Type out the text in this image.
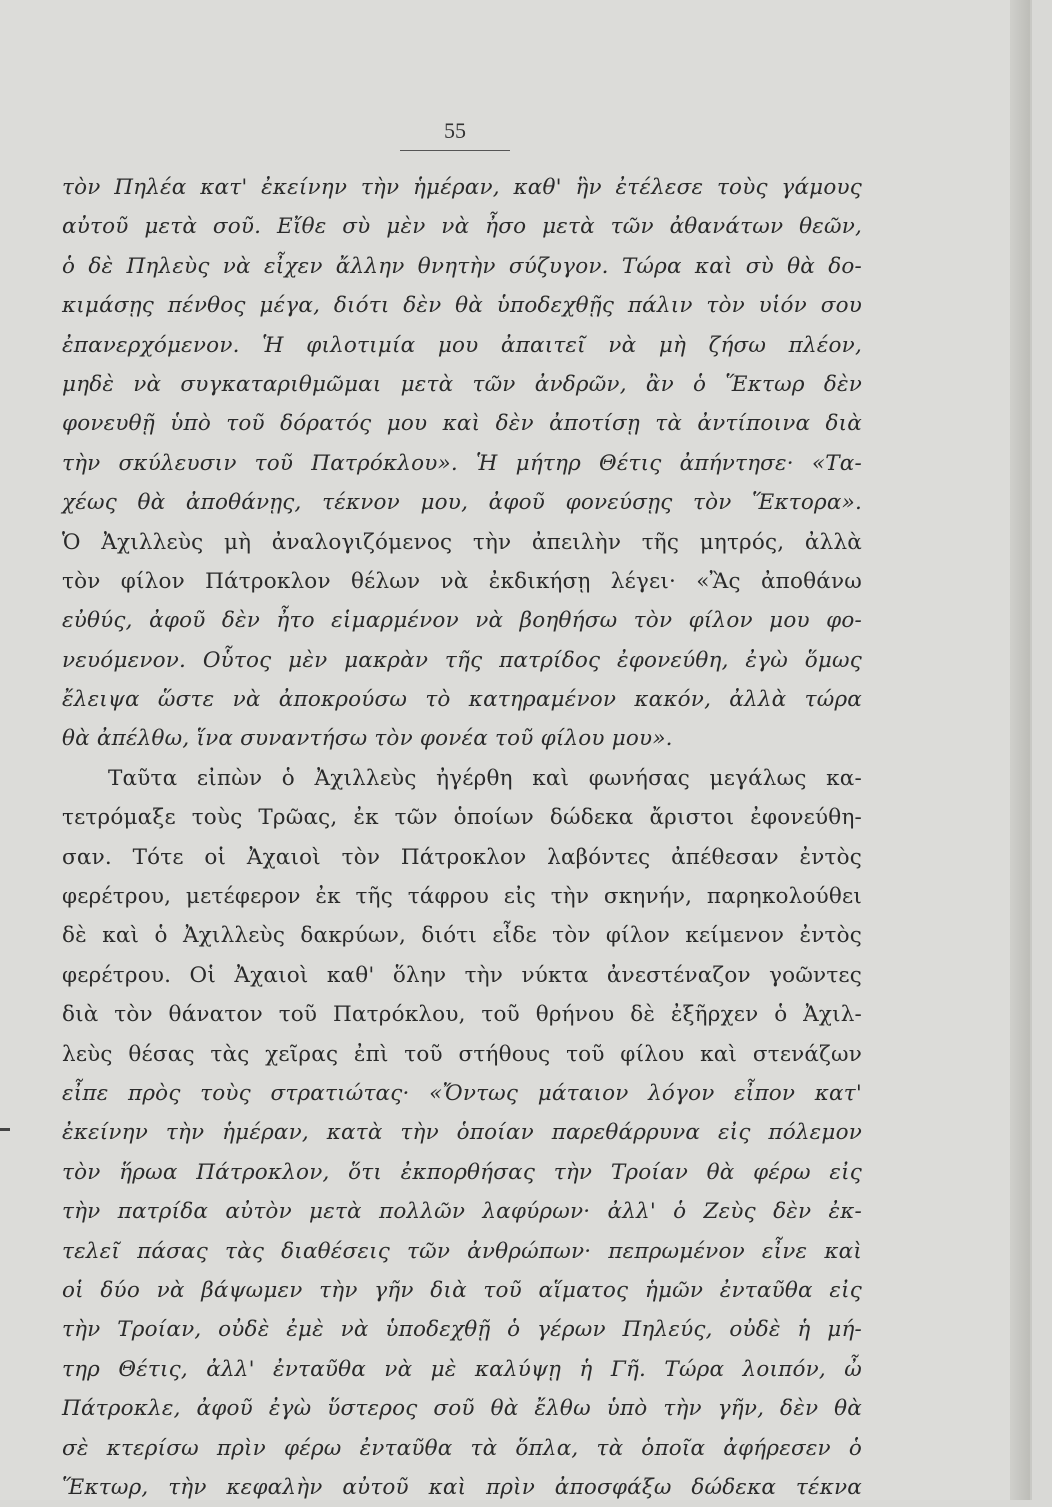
55
τὸν Πηλέα κατ' ἐκείνην τὴν ἡμέραν, καθ' ἣν ἐτέλεσε τοὺς γάμους
αὐτοῦ μετὰ σοῦ. Εἴθε σὺ μὲν νὰ ἦσο μετὰ τῶν ἀθανάτων θεῶν,
ὁ δὲ Πηλεὺς νὰ εἶχεν ἄλλην θνητὴν σύζυγον. Τώρα καὶ σὺ θὰ δο-
κιμάσῃς πένθος μέγα, διότι δὲν θὰ ὑποδεχθῇς πάλιν τὸν υἱόν σου
ἐπανερχόμενον. Ἡ φιλοτιμία μου ἀπαιτεῖ νὰ μὴ ζήσω πλέον,
μηδὲ νὰ συγκαταριθμῶμαι μετὰ τῶν ἀνδρῶν, ἂν ὁ Ἕκτωρ δὲν
φονευθῇ ὑπὸ τοῦ δόρατός μου καὶ δὲν ἀποτίσῃ τὰ ἀντίποινα διὰ
τὴν σκύλευσιν τοῦ Πατρόκλου». Ἡ μήτηρ Θέτις ἀπήντησε· «Τα-
χέως θὰ ἀποθάνῃς, τέκνον μου, ἀφοῦ φονεύσῃς τὸν Ἕκτορα».
Ὁ Ἀχιλλεὺς μὴ ἀναλογιζόμενος τὴν ἀπειλὴν τῆς μητρός, ἀλλὰ
τὸν φίλον Πάτροκλον θέλων νὰ ἐκδικήσῃ λέγει· «Ἂς ἀποθάνω
εὐθύς, ἀφοῦ δὲν ἦτο εἱμαρμένον νὰ βοηθήσω τὸν φίλον μου φο-
νευόμενον. Οὗτος μὲν μακρὰν τῆς πατρίδος ἐφονεύθη, ἐγὼ ὅμως
ἔλειψα ὥστε νὰ ἀποκρούσω τὸ κατηραμένον κακόν, ἀλλὰ τώρα
θὰ ἀπέλθω, ἵνα συναντήσω τὸν φονέα τοῦ φίλου μου».
Ταῦτα εἰπὼν ὁ Ἀχιλλεὺς ἠγέρθη καὶ φωνήσας μεγάλως κα-
τετρόμαξε τοὺς Τρῶας, ἐκ τῶν ὁποίων δώδεκα ἄριστοι ἐφονεύθη-
σαν. Τότε οἱ Ἀχαιοὶ τὸν Πάτροκλον λαβόντες ἀπέθεσαν ἐντὸς
φερέτρου, μετέφερον ἐκ τῆς τάφρου εἰς τὴν σκηνήν, παρηκολούθει
δὲ καὶ ὁ Ἀχιλλεὺς δακρύων, διότι εἶδε τὸν φίλον κείμενον ἐντὸς
φερέτρου. Οἱ Ἀχαιοὶ καθ' ὅλην τὴν νύκτα ἀνεστέναζον γοῶντες
διὰ τὸν θάνατον τοῦ Πατρόκλου, τοῦ θρήνου δὲ ἐξῆρχεν ὁ Ἀχιλ-
λεὺς θέσας τὰς χεῖρας ἐπὶ τοῦ στήθους τοῦ φίλου καὶ στενάζων
εἶπε πρὸς τοὺς στρατιώτας· «Ὄντως μάταιον λόγον εἶπον κατ'
ἐκείνην τὴν ἡμέραν, κατὰ τὴν ὁποίαν παρεθάρρυνα εἰς πόλεμον
τὸν ἥρωα Πάτροκλον, ὅτι ἐκπορθήσας τὴν Τροίαν θὰ φέρω εἰς
τὴν πατρίδα αὐτὸν μετὰ πολλῶν λαφύρων· ἀλλ' ὁ Ζεὺς δὲν ἐκ-
τελεῖ πάσας τὰς διαθέσεις τῶν ἀνθρώπων· πεπρωμένον εἶνε καὶ
οἱ δύο νὰ βάψωμεν τὴν γῆν διὰ τοῦ αἵματος ἡμῶν ἐνταῦθα εἰς
τὴν Τροίαν, οὐδὲ ἐμὲ νὰ ὑποδεχθῇ ὁ γέρων Πηλεύς, οὐδὲ ἡ μή-
τηρ Θέτις, ἀλλ' ἐνταῦθα νὰ μὲ καλύψῃ ἡ Γῆ. Τώρα λοιπόν, ὦ
Πάτροκλε, ἀφοῦ ἐγὼ ὕστερος σοῦ θὰ ἔλθω ὑπὸ τὴν γῆν, δὲν θὰ
σὲ κτερίσω πρὶν φέρω ἐνταῦθα τὰ ὅπλα, τὰ ὁποῖα ἀφήρεσεν ὁ
Ἕκτωρ, τὴν κεφαλὴν αὐτοῦ καὶ πρὶν ἀποσφάξω δώδεκα τέκνα
